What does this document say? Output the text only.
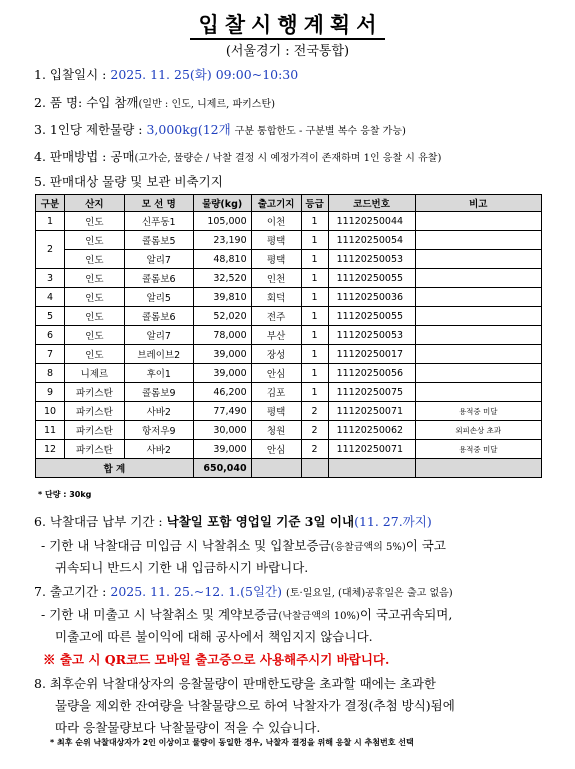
입찰시행계획서
(서울경기 : 전국통합)
1. 입찰일시 : 2025. 11. 25(화) 09:00~10:30
2. 품 명: 수입 참깨(일반 : 인도, 니제르, 파키스탄)
3. 1인당 제한물량 : 3,000kg(12개 구분 통합한도 - 구분별 복수 응찰 가능)
4. 판매방법 : 공매(고가순, 물량순 / 낙찰 결정 시 예정가격이 존재하며 1인 응찰 시 유찰)
5. 판매대상 물량 및 보관 비축기지
구분	산지	모 선 명	물량(kg)	출고기지	등급	코드번호	비고
1	인도	신푸동1	105,000	이천	1	11120250044	
2	인도	콜롬보5	23,190	평택	1	11120250054	
	인도	알리7	48,810	평택	1	11120250053	
3	인도	콜롬보6	32,520	인천	1	11120250055	
4	인도	알리5	39,810	회덕	1	11120250036	
5	인도	콜롬보6	52,020	전주	1	11120250055	
6	인도	알리7	78,000	부산	1	11120250053	
7	인도	브레이브2	39,000	장성	1	11120250017	
8	니제르	후이1	39,000	안심	1	11120250056	
9	파키스탄	콜롬보9	46,200	김포	1	11120250075	
10	파키스탄	사바2	77,490	평택	2	11120250071	용적중 미달
11	파키스탄	항저우9	30,000	청원	2	11120250062	외피손상 초과
12	파키스탄	사바2	39,000	안심	2	11120250071	용적중 미달
합 계			650,040				
* 단량 : 30kg
6. 낙찰대금 납부 기간 : 낙찰일 포함 영업일 기준 3일 이내(11. 27.까지)
- 기한 내 낙찰대금 미입금 시 낙찰취소 및 입찰보증금(응찰금액의 5%)이 국고
귀속되니 반드시 기한 내 입금하시기 바랍니다.
7. 출고기간 : 2025. 11. 25.~12. 1.(5일간) (토·일요일, (대체)공휴일은 출고 없음)
- 기한 내 미출고 시 낙찰취소 및 계약보증금(낙찰금액의 10%)이 국고귀속되며,
미출고에 따른 불이익에 대해 공사에서 책임지지 않습니다.
※ 출고 시 QR코드 모바일 출고증으로 사용해주시기 바랍니다.
8. 최후순위 낙찰대상자의 응찰물량이 판매한도량을 초과할 때에는 초과한
물량을 제외한 잔여량을 낙찰물량으로 하여 낙찰자가 결정(추첨 방식)됨에
따라 응찰물량보다 낙찰물량이 적을 수 있습니다.
* 최후 순위 낙찰대상자가 2인 이상이고 물량이 동일한 경우, 낙찰자 결정을 위해 응찰 시 추첨번호 선택
